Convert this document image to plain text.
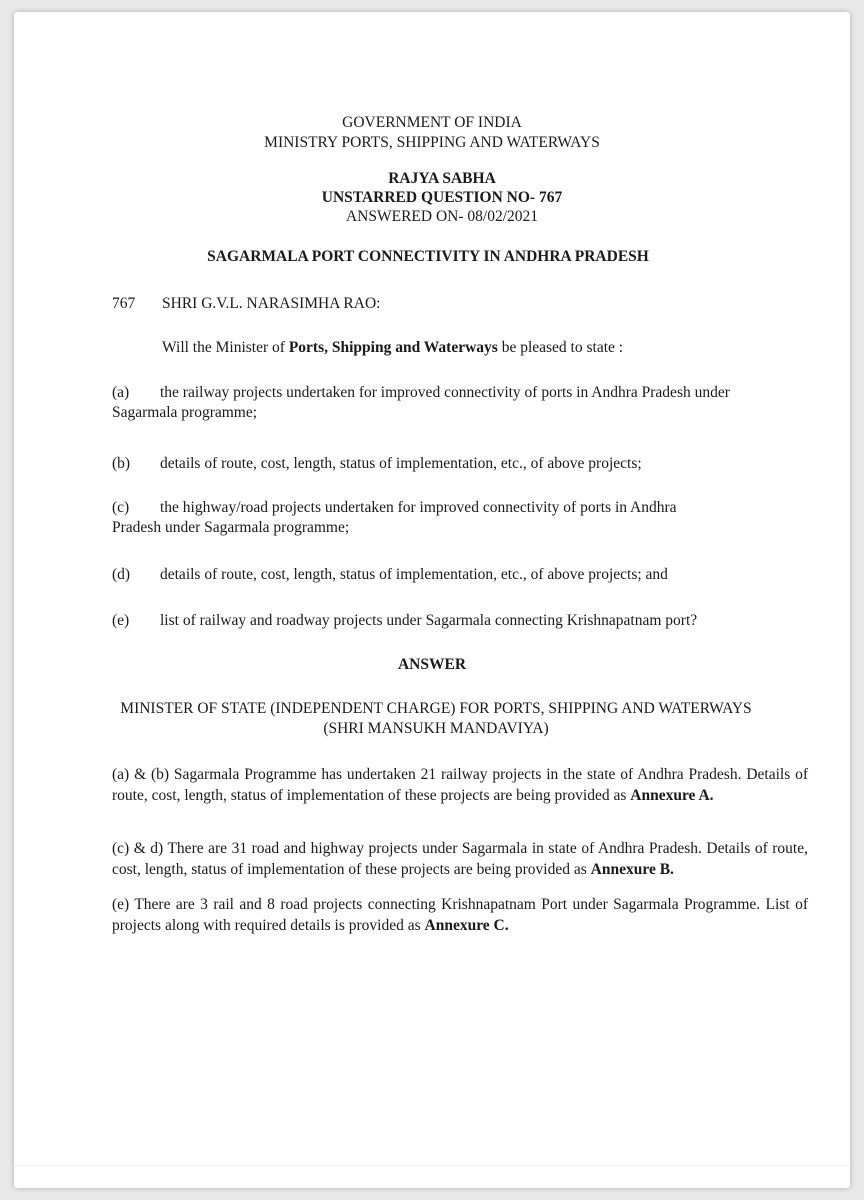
GOVERNMENT OF INDIA
MINISTRY PORTS, SHIPPING AND WATERWAYS
RAJYA SABHA
UNSTARRED QUESTION NO- 767
ANSWERED ON- 08/02/2021
SAGARMALA PORT CONNECTIVITY IN ANDHRA PRADESH
767 SHRI G.V.L. NARASIMHA RAO:
Will the Minister of Ports, Shipping and Waterways be pleased to state :
(a) the railway projects undertaken for improved connectivity of ports in Andhra Pradesh under
Sagarmala programme;
(b) details of route, cost, length, status of implementation, etc., of above projects;
(c) the highway/road projects undertaken for improved connectivity of ports in Andhra
Pradesh under Sagarmala programme;
(d) details of route, cost, length, status of implementation, etc., of above projects; and
(e) list of railway and roadway projects under Sagarmala connecting Krishnapatnam port?
ANSWER
MINISTER OF STATE (INDEPENDENT CHARGE) FOR PORTS, SHIPPING AND WATERWAYS
(SHRI MANSUKH MANDAVIYA)
(a) & (b) Sagarmala Programme has undertaken 21 railway projects in the state of Andhra Pradesh. Details of route, cost, length, status of implementation of these projects are being provided as Annexure A.
(c) & d) There are 31 road and highway projects under Sagarmala in state of Andhra Pradesh. Details of route, cost, length, status of implementation of these projects are being provided as Annexure B.
(e) There are 3 rail and 8 road projects connecting Krishnapatnam Port under Sagarmala Programme. List of projects along with required details is provided as Annexure C.
